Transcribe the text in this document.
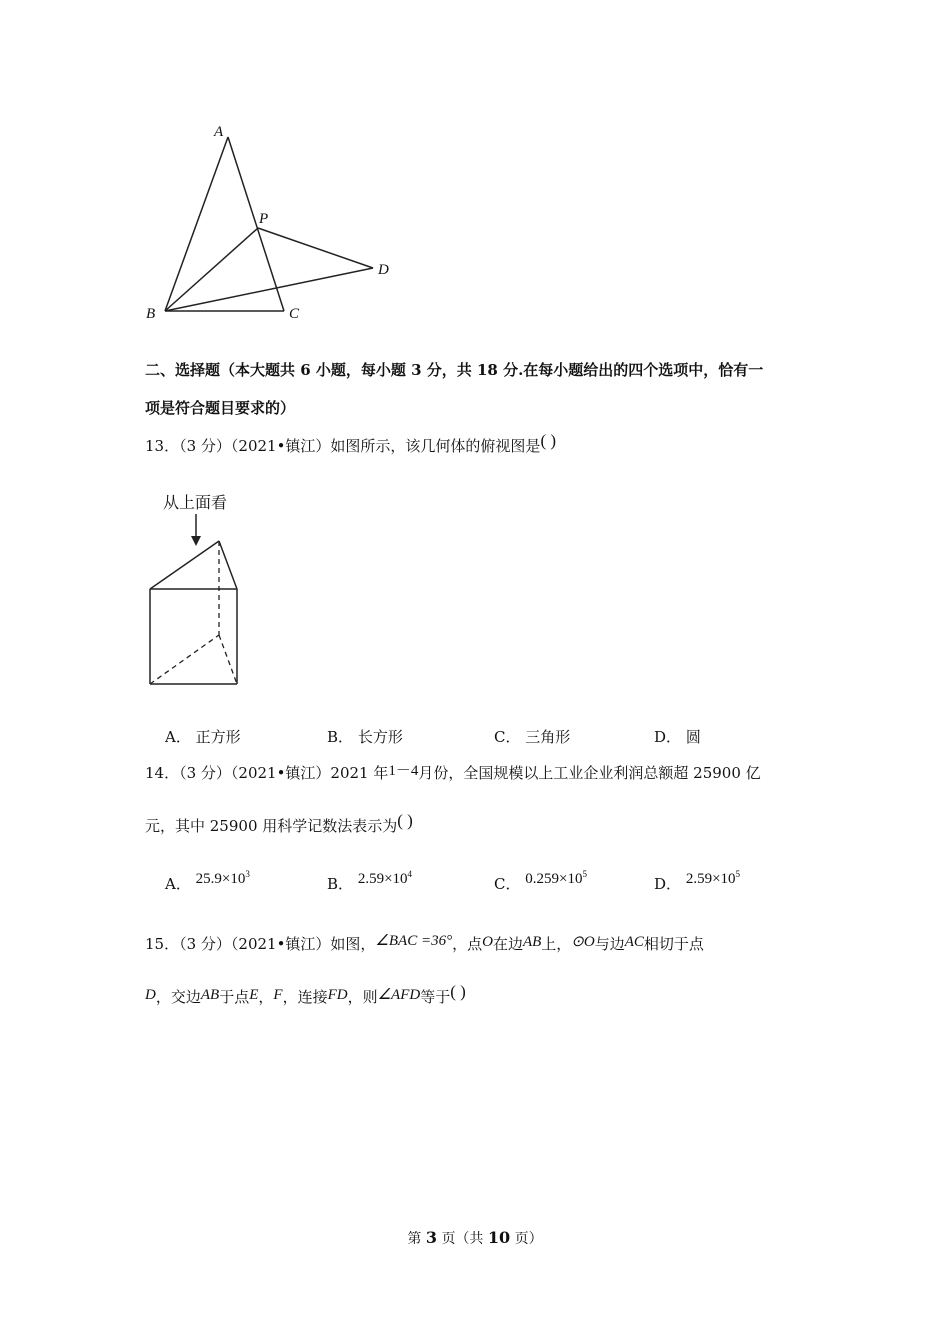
A
B	C
D
P
二、选择题（本大题共 6 小题，每小题 3 分，共 18 分.在每小题给出的四个选项中，恰有一
项是符合题目要求的）
13．（3 分）（2021•镇江）如图所示，该几何体的俯视图是( )
从上面看
A． 正方形	B． 长方形	C． 三角形	D． 圆
14．（3 分）（2021•镇江）2021 年1－4月份，全国规模以上工业企业利润总额超 25900 亿
元，其中 25900 用科学记数法表示为( )
A． $25.9\times 10^3$
B． $2.59\times 10^4$
C． $0.259\times 10^5$
D． $2.59\times 10^5$
15．（3 分）（2021•镇江）如图，∠BAC =36°，点O在边AB上，⊙O与边AC相切于点
D，交边AB于点E，F，连接FD，则∠AFD等于( )
第 3 页（共 10 页）
